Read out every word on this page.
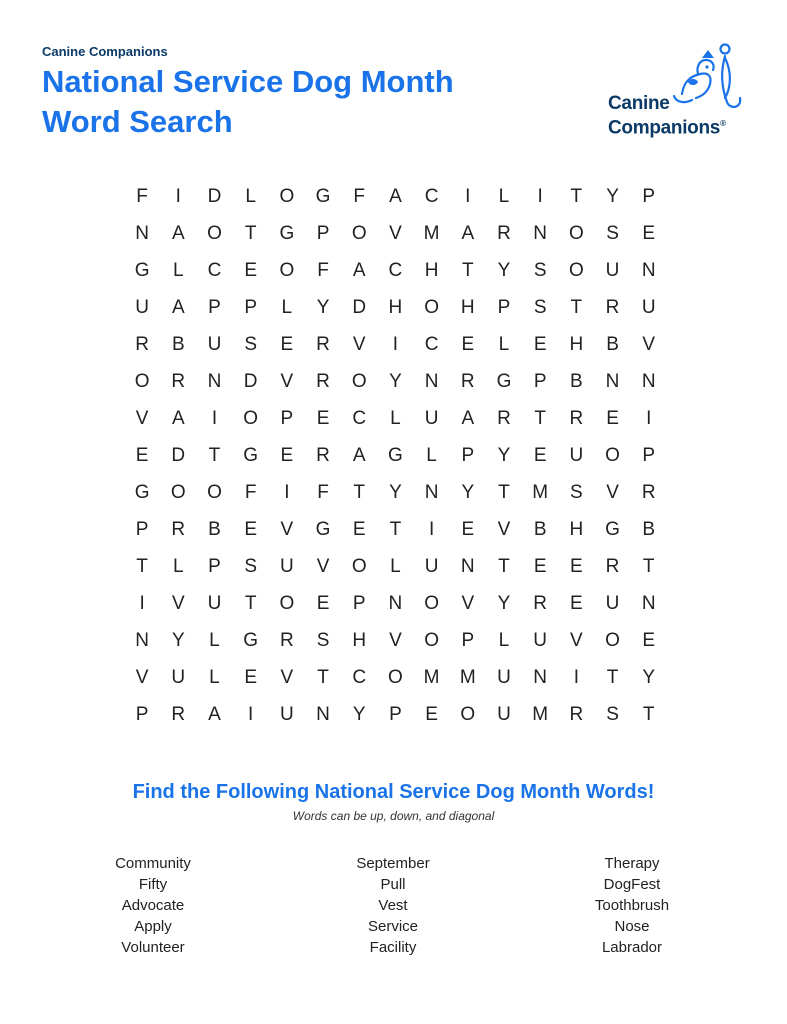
Canine Companions
National Service Dog Month
Word Search
Canine
Companions®
F	I	D	L	O	G	F	A	C	I	L	I	T	Y	P
N	A	O	T	G	P	O	V	M	A	R	N	O	S	E
G	L	C	E	O	F	A	C	H	T	Y	S	O	U	N
U	A	P	P	L	Y	D	H	O	H	P	S	T	R	U
R	B	U	S	E	R	V	I	C	E	L	E	H	B	V
O	R	N	D	V	R	O	Y	N	R	G	P	B	N	N
V	A	I	O	P	E	C	L	U	A	R	T	R	E	I
E	D	T	G	E	R	A	G	L	P	Y	E	U	O	P
G	O	O	F	I	F	T	Y	N	Y	T	M	S	V	R
P	R	B	E	V	G	E	T	I	E	V	B	H	G	B
T	L	P	S	U	V	O	L	U	N	T	E	E	R	T
I	V	U	T	O	E	P	N	O	V	Y	R	E	U	N
N	Y	L	G	R	S	H	V	O	P	L	U	V	O	E
V	U	L	E	V	T	C	O	M	M	U	N	I	T	Y
P	R	A	I	U	N	Y	P	E	O	U	M	R	S	T
Find the Following National Service Dog Month Words!
Words can be up, down, and diagonal
Community
Fifty
Advocate
Apply
Volunteer
September
Pull
Vest
Service
Facility
Therapy
DogFest
Toothbrush
Nose
Labrador
